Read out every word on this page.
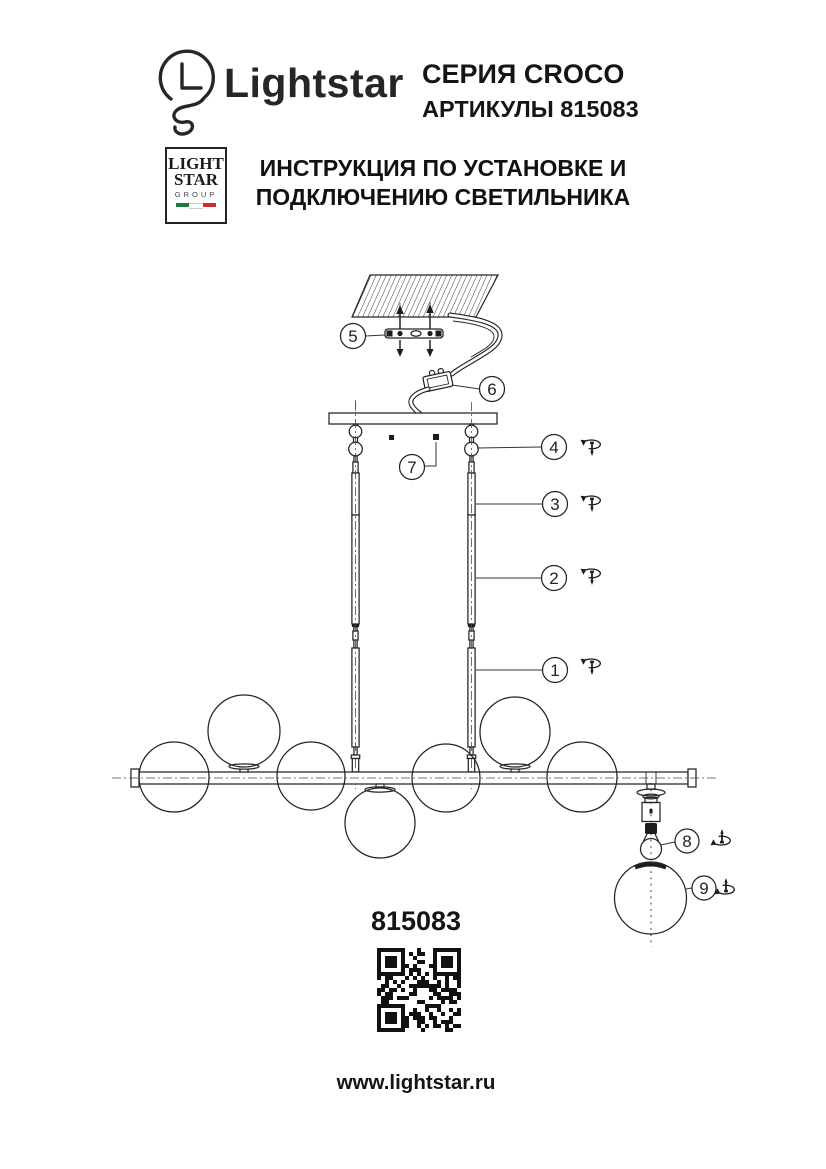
Lightstar СЕРИЯ CROCO
АРТИКУЛЫ 815083
LIGHT
STAR
GROUP
ИНСТРУКЦИЯ ПО УСТАНОВКЕ И
ПОДКЛЮЧЕНИЮ СВЕТИЛЬНИКА
1
2
3
4
5
6
7
8
9
815083
www.lightstar.ru
